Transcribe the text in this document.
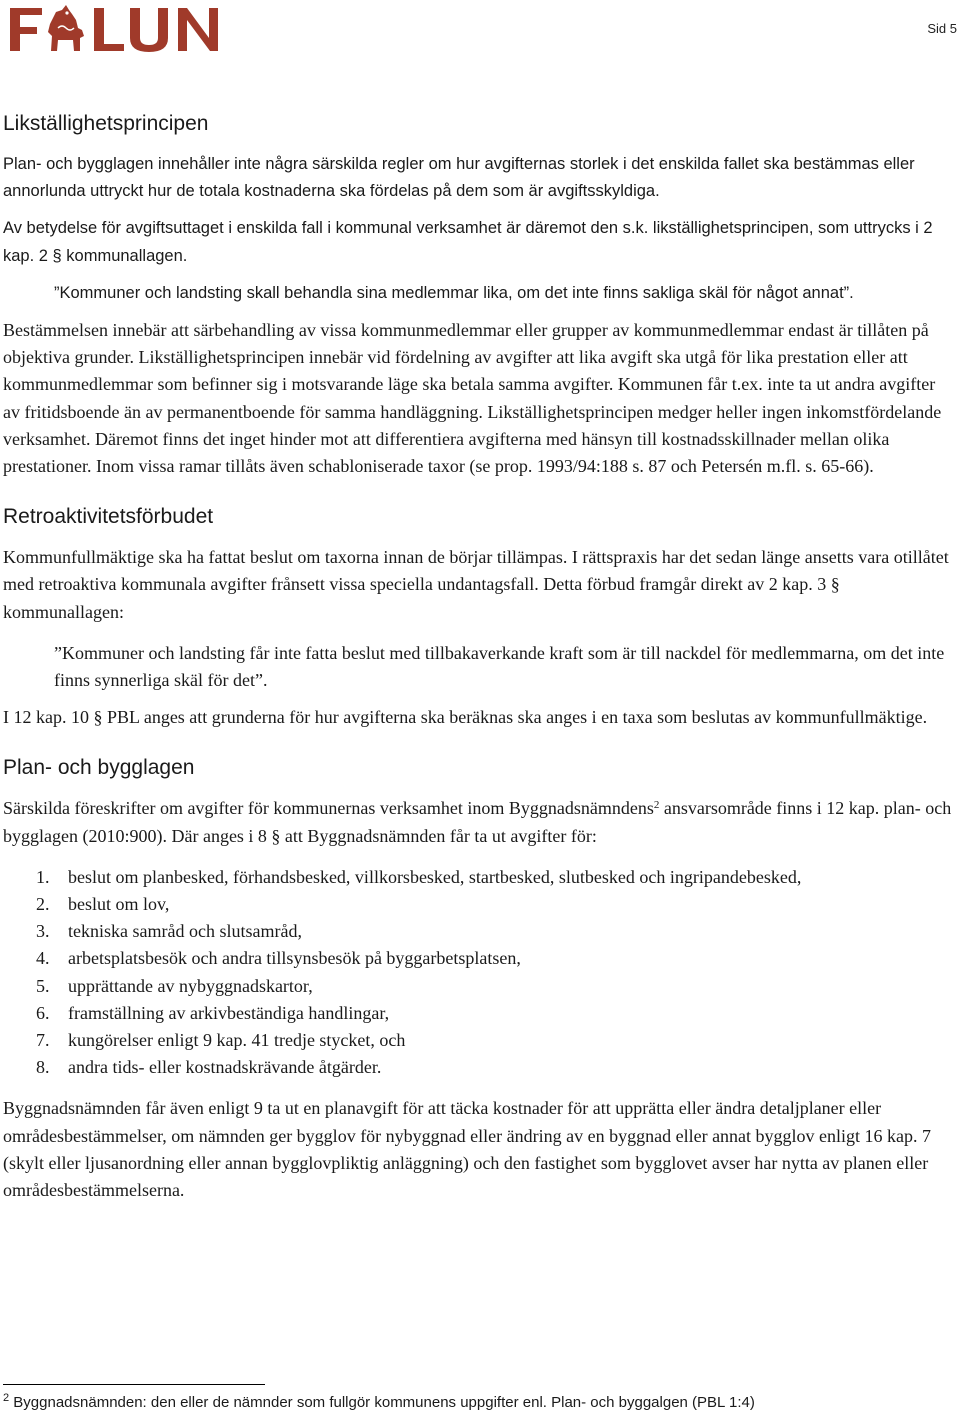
Sid 5
Likställighetsprincipen

Plan- och bygglagen innehåller inte några särskilda regler om hur avgifternas storlek i det enskilda fallet ska bestämmas eller annorlunda uttryckt hur de totala kostnaderna ska fördelas på dem som är avgiftsskyldiga.

Av betydelse för avgiftsuttaget i enskilda fall i kommunal verksamhet är däremot den s.k. likställighetsprincipen, som uttrycks i 2 kap. 2 § kommunallagen.

”Kommuner och landsting skall behandla sina medlemmar lika, om det inte finns sakliga skäl för något annat”.

Bestämmelsen innebär att särbehandling av vissa kommunmedlemmar eller grupper av kommunmedlemmar endast är tillåten på objektiva grunder. Likställighetsprincipen innebär vid fördelning av avgifter att lika avgift ska utgå för lika prestation eller att kommunmedlemmar som befinner sig i motsvarande läge ska betala samma avgifter. Kommunen får t.ex. inte ta ut andra avgifter av fritidsboende än av permanentboende för samma handläggning. Likställighetsprincipen medger heller ingen inkomstfördelande verksamhet. Däremot finns det inget hinder mot att differentiera avgifterna med hänsyn till kostnadsskillnader mellan olika prestationer. Inom vissa ramar tillåts även schabloniserade taxor (se prop. 1993/94:188 s. 87 och Petersén m.fl. s. 65-66).

Retroaktivitetsförbudet

Kommunfullmäktige ska ha fattat beslut om taxorna innan de börjar tillämpas. I rättspraxis har det sedan länge ansetts vara otillåtet med retroaktiva kommunala avgifter frånsett vissa speciella undantagsfall. Detta förbud framgår direkt av 2 kap. 3 § kommunallagen:

”Kommuner och landsting får inte fatta beslut med tillbakaverkande kraft som är till nackdel för medlemmarna, om det inte finns synnerliga skäl för det”.

I 12 kap. 10 § PBL anges att grunderna för hur avgifterna ska beräknas ska anges i en taxa som beslutas av kommunfullmäktige.

Plan- och bygglagen

Särskilda föreskrifter om avgifter för kommunernas verksamhet inom Byggnadsnämndens$^2$ ansvarsområde finns i 12 kap. plan- och bygglagen (2010:900). Där anges i 8 § att Byggnadsnämnden får ta ut avgifter för:

1. beslut om planbesked, förhandsbesked, villkorsbesked, startbesked, slutbesked och ingripandebesked,
2. beslut om lov,
3. tekniska samråd och slutsamråd,
4. arbetsplatsbesök och andra tillsynsbesök på byggarbetsplatsen,
5. upprättande av nybyggnadskartor,
6. framställning av arkivbeständiga handlingar,
7. kungörelser enligt 9 kap. 41 tredje stycket, och
8. andra tids- eller kostnadskrävande åtgärder.

Byggnadsnämnden får även enligt 9 ta ut en planavgift för att täcka kostnader för att upprätta eller ändra detaljplaner eller områdesbestämmelser, om nämnden ger bygglov för nybyggnad eller ändring av en byggnad eller annat bygglov enligt 16 kap. 7 (skylt eller ljusanordning eller annan bygglovpliktig anläggning) och den fastighet som bygglovet avser har nytta av planen eller områdesbestämmelserna.

$^2$ Byggnadsnämnden: den eller de nämnder som fullgör kommunens uppgifter enl. Plan- och byggalgen (PBL 1:4)
